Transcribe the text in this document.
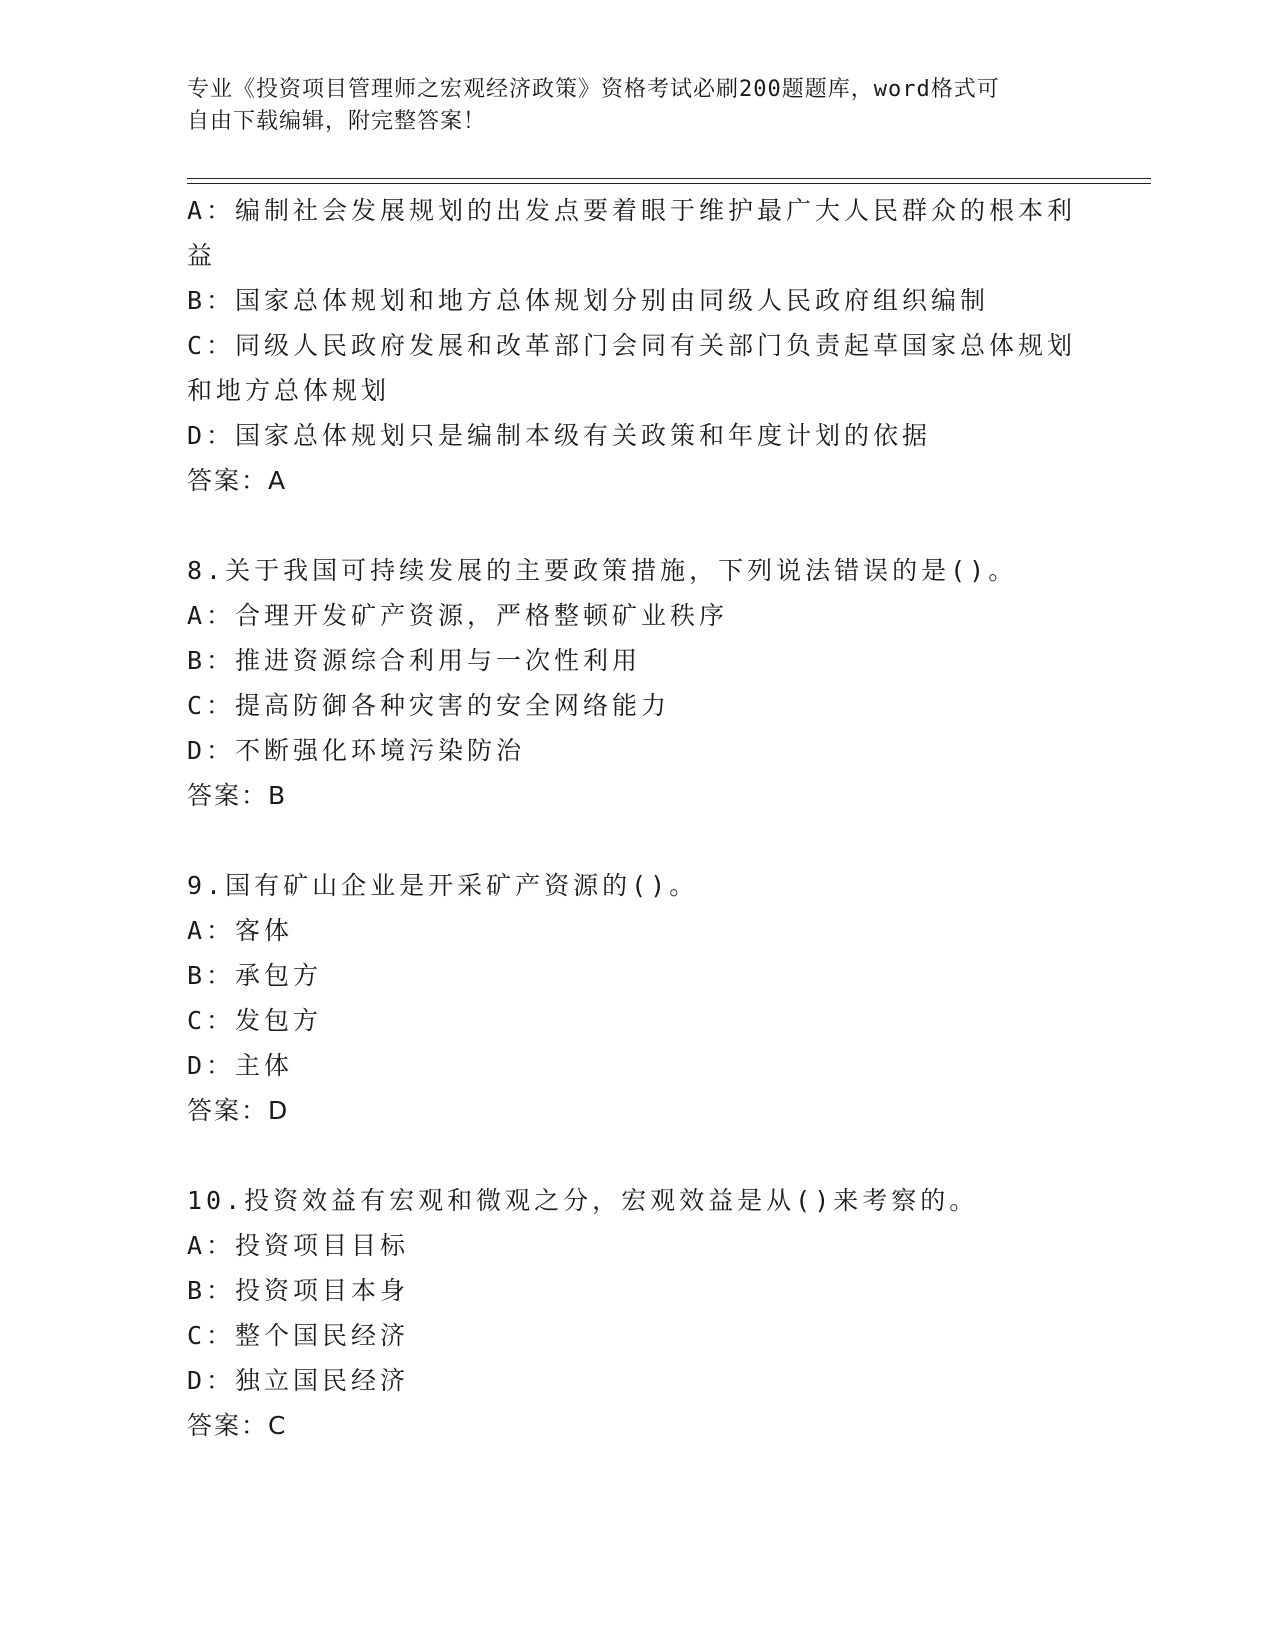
专业《投资项目管理师之宏观经济政策》资格考试必刷200题题库，word格式可
自由下载编辑，附完整答案！

A：编制社会发展规划的出发点要着眼于维护最广大人民群众的根本利

益

B：国家总体规划和地方总体规划分别由同级人民政府组织编制

C：同级人民政府发展和改革部门会同有关部门负责起草国家总体规划

和地方总体规划

D：国家总体规划只是编制本级有关政策和年度计划的依据

答案：A

8.关于我国可持续发展的主要政策措施，下列说法错误的是()。

A：合理开发矿产资源，严格整顿矿业秩序

B：推进资源综合利用与一次性利用

C：提高防御各种灾害的安全网络能力

D：不断强化环境污染防治

答案：B

9.国有矿山企业是开采矿产资源的()。

A：客体

B：承包方

C：发包方

D：主体

答案：D

10.投资效益有宏观和微观之分，宏观效益是从()来考察的。

A：投资项目目标

B：投资项目本身

C：整个国民经济

D：独立国民经济

答案：C
